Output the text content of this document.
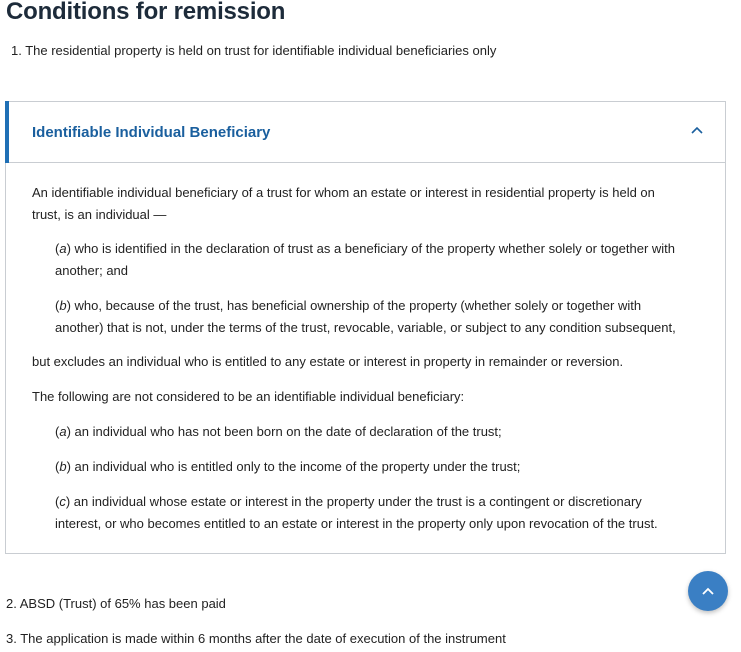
Conditions for remission
1. The residential property is held on trust for identifiable individual beneficiaries only
Identifiable Individual Beneficiary

An identifiable individual beneficiary of a trust for whom an estate or interest in residential property is held on
trust, is an individual —

(a) who is identified in the declaration of trust as a beneficiary of the property whether solely or together with
another; and

(b) who, because of the trust, has beneficial ownership of the property (whether solely or together with
another) that is not, under the terms of the trust, revocable, variable, or subject to any condition subsequent,

but excludes an individual who is entitled to any estate or interest in property in remainder or reversion.

The following are not considered to be an identifiable individual beneficiary:

(a) an individual who has not been born on the date of declaration of the trust;

(b) an individual who is entitled only to the income of the property under the trust;

(c) an individual whose estate or interest in the property under the trust is a contingent or discretionary
interest, or who becomes entitled to an estate or interest in the property only upon revocation of the trust.

2. ABSD (Trust) of 65% has been paid
3. The application is made within 6 months after the date of execution of the instrument
